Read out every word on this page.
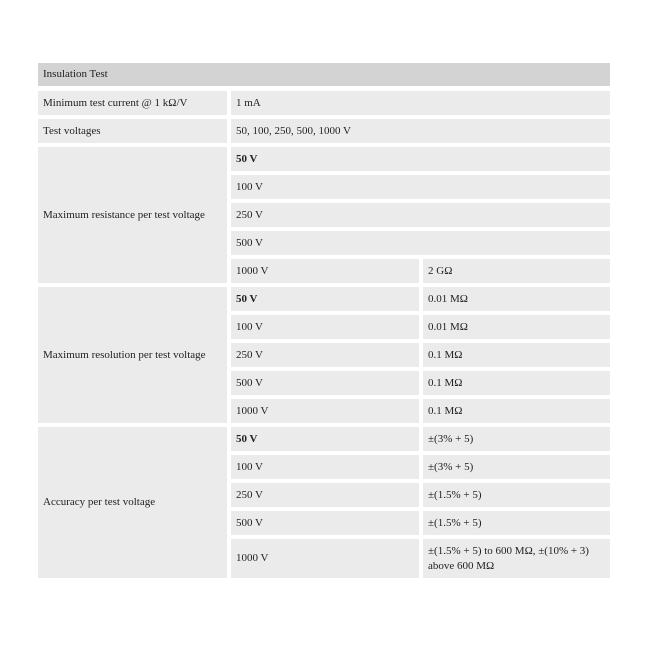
Insulation Test		
Minimum test current @ 1 kΩ/V	1 mA	
Test voltages	50, 100, 250, 500, 1000 V	
Maximum resistance per test voltage	50 V	
	100 V	
	250 V	
	500 V	
	1000 V	2 GΩ
Maximum resolution per test voltage	50 V	0.01 MΩ
	100 V	0.01 MΩ
	250 V	0.1 MΩ
	500 V	0.1 MΩ
	1000 V	0.1 MΩ
Accuracy per test voltage	50 V	±(3% + 5)
	100 V	±(3% + 5)
	250 V	±(1.5% + 5)
	500 V	±(1.5% + 5)
	1000 V	±(1.5% + 5) to 600 MΩ, ±(10% + 3) above 600 MΩ
